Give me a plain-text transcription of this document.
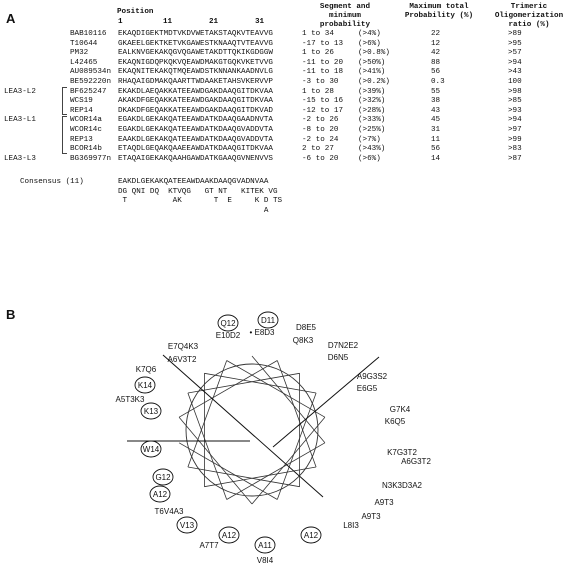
A
B
Position

1

	11

	21

	31

Segment and
minimum
probability
Maximum total
Probability (%)
Trimeric
Oligomerization
ratio (%)
BAB10116 EKAQDIGEKTMDTVKDVWETAKSTAQKVTEAVVG	1 to 34	(>4%)	22	>89
T10644	GKAEELGEKTKETVKGAWESTKNAAQTVTEAVVG	-17 to 13 (>6%)	12	>95
PM32	EALKNVGEKAKQGVQGAWETAKDTTQKIKGDGGW	1 to 26	(>0.8%)	42	>57
L42465	EKAQNIGDQPKQKVQEAWDMAKGTGQKVKETVVG	-11 to 20 (>50%)	88	>94
AU089534n EKAQNITEKAKQTMQEAWDSTKNNANKAADNVLG	-11 to 18 (>41%)	56	>43
BE592220n RHAQAIGDMAKQAARTTWDAAKETAHSVKERVVP	-3 to 30	(>0.2%)	0.3	100
LEA3-L2	BF625247 EKAKDLAEQAKKATEEAWDGAKDAAQGITDKVAA	1 to 28	(>39%)	55	>98
WCS19	AKAKDFGEQAKKATEEAWDGAKDAAQGITDKVAA	-15 to 16 (>32%)	38	>85
REP14	DKAKDFGEQAKKATEEAWDGAKDAAQGITDKVAD	-12 to 17 (>28%)	43	>93
LEA3-L1	WCOR14a EGAKDLGEKAKQATEEAWDATKDAAQGAADNVTA	-2 to 26	(>33%)	45	>94
WCOR14c EGAKDLGEKAKQATEEAWDATKDAAQGVADDVTA	-8 to 20	(>25%)	31	>97
REP13	EAAKDLGEKAKQATEEAWDATKDAAQGVADDVTA	-2 to 24	(>7%)	11	>99
BCOR14b ETAQDLGEQAKQAAEEAWDATKDAAQGITDKVAA	2 to 27	(>43%)	56	>83
LEA3-L3	BG369977n ETAQAIGEKAKQAAHGAWDATKGAAQGVNENVVS	-6 to 20	(>6%)	14	>87

Consensus (11)

	EAKDLGEKAKQATEEAWDAAKDAAQGVADNVAA

DG QNI DQ  KTVQG   GT NT   KITEK VG

T          AK       T  E     K D TS

A

D11
• E8D3
Q12
E10D2
D8E5
Q8K3
D7N2E2
D6N5
A9G3S2
E6G5
G7K4
K6Q5
K7G3T2
A6G3T2
N3K3D3A2
A9T3
A9T3
L8I3
A12
A11
V8I4
A12
A7T7
V13
T6V4A3
A12
G12
W14
K13
A5T3K3
K14
K7Q6
A6V3T2
E7Q4K3
